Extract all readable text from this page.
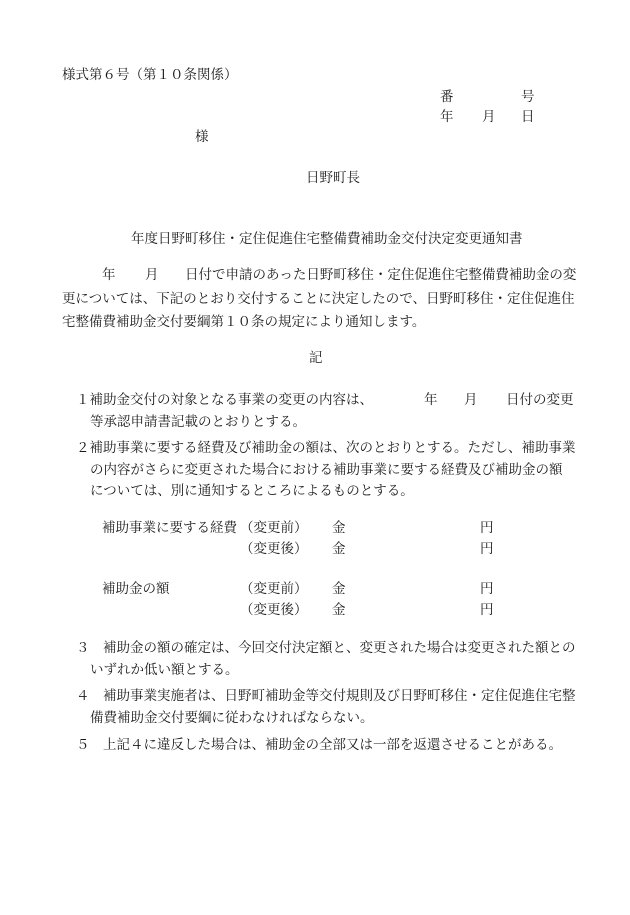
様式第６号（第１０条関係）
番	号
年 月 日
様
日野町長
年度日野町移住・定住促進住宅整備費補助金交付決定変更通知書
年 月 日付で申請のあった日野町移住・定住促進住宅整備費補助金の変
更については、下記のとおり交付することに決定したので、日野町移住・定住促進住
宅整備費補助金交付要綱第１０条の規定により通知します。
記
１補助金交付の対象となる事業の変更の内容は、	年 月 日付の変更
等承認申請書記載のとおりとする。
２補助事業に要する経費及び補助金の額は、次のとおりとする。ただし、補助事業
の内容がさらに変更された場合における補助事業に要する経費及び補助金の額
については、別に通知するところによるものとする。
補助事業に要する経費 （変更前） 金	円
（変更後） 金	円
補助金の額	（変更前） 金	円
（変更後） 金	円
３　補助金の額の確定は、今回交付決定額と、変更された場合は変更された額との
いずれか低い額とする。
４　補助事業実施者は、日野町補助金等交付規則及び日野町移住・定住促進住宅整
備費補助金交付要綱に従わなければならない。
５　上記４に違反した場合は、補助金の全部又は一部を返還させることがある。
